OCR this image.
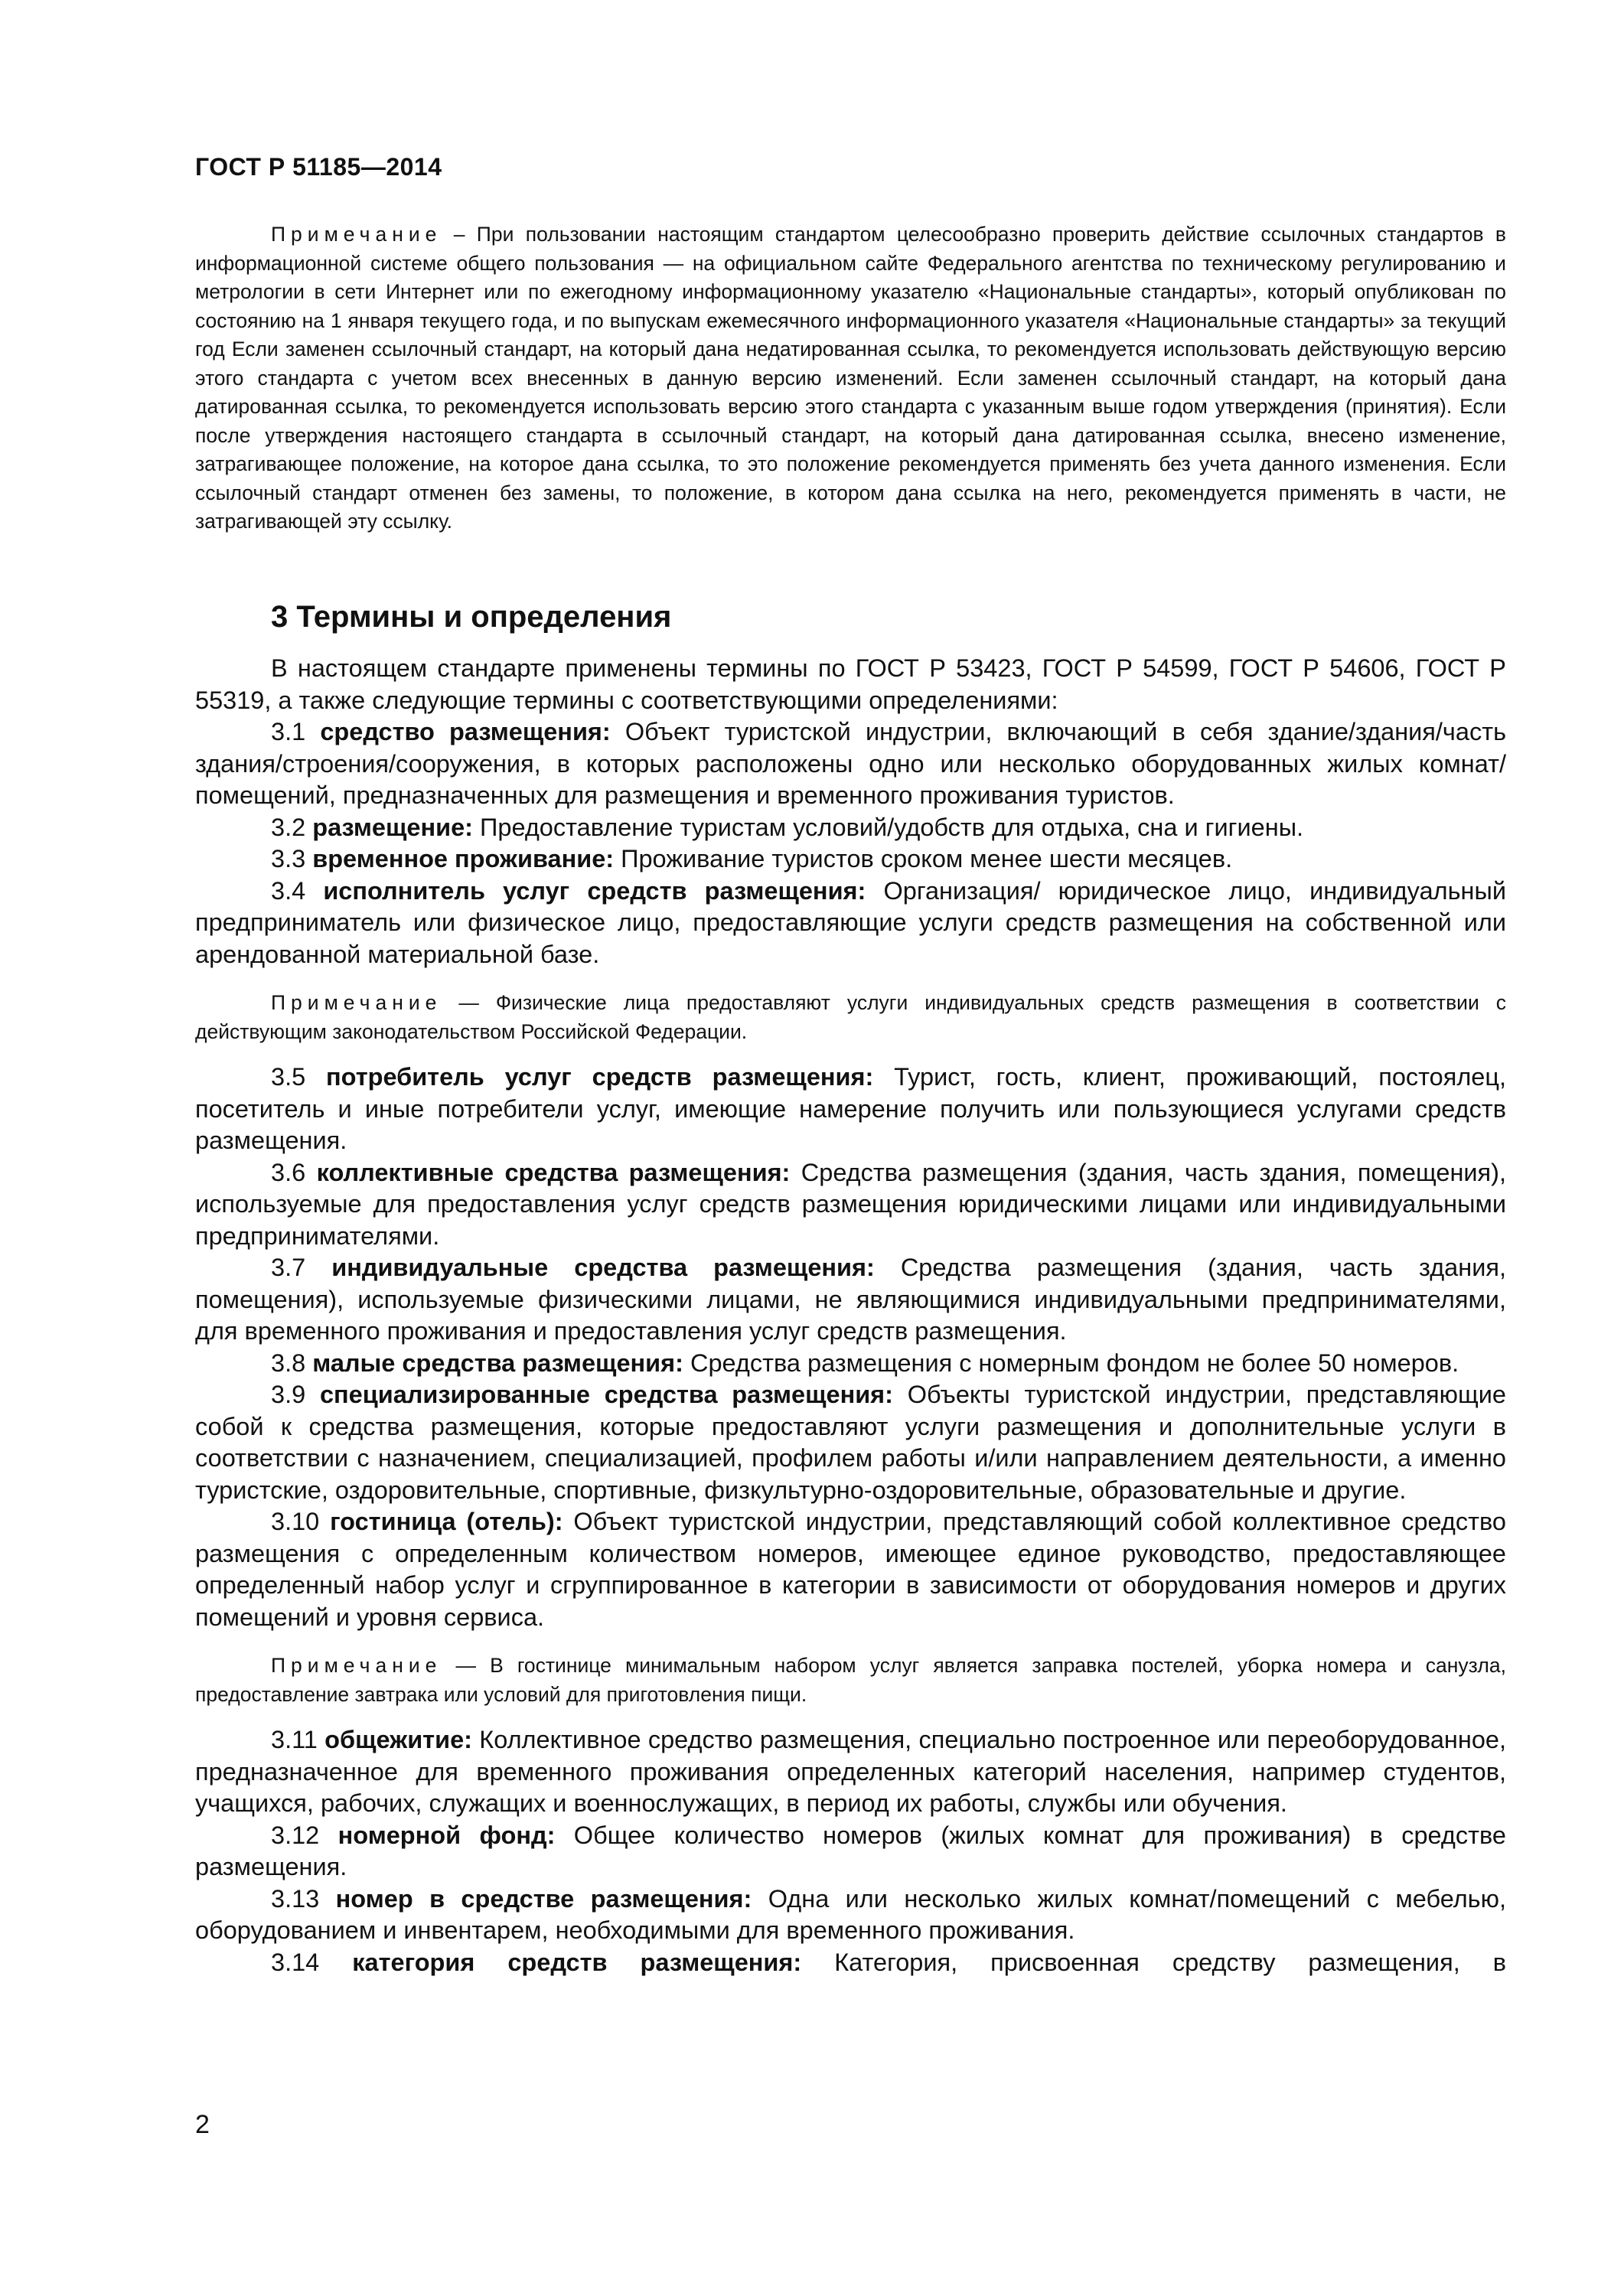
ГОСТ Р 51185—2014

Примечание – При пользовании настоящим стандартом целесообразно проверить действие ссылочных стандартов в информационной системе общего пользования — на официальном сайте Федерального агентства по техническому регулированию и метрологии в сети Интернет или по ежегодному информационному указателю «Национальные стандарты», который опубликован по состоянию на 1 января текущего года, и по выпускам ежемесячного информационного указателя «Национальные стандарты» за текущий год Если заменен ссылочный стандарт, на который дана недатированная ссылка, то рекомендуется использовать действующую версию этого стандарта с учетом всех внесенных в данную версию изменений. Если заменен ссылочный стандарт, на который дана датированная ссылка, то рекомендуется использовать версию этого стандарта с указанным выше годом утверждения (принятия). Если после утверждения настоящего стандарта в ссылочный стандарт, на который дана датированная ссылка, внесено изменение, затрагивающее положение, на которое дана ссылка, то это положение рекомендуется применять без учета данного изменения. Если ссылочный стандарт отменен без замены, то положение, в котором дана ссылка на него, рекомендуется применять в части, не затрагивающей эту ссылку.

3 Термины и определения

В настоящем стандарте применены термины по ГОСТ Р 53423, ГОСТ Р 54599, ГОСТ Р 54606, ГОСТ Р 55319, а также следующие термины с соответствующими определениями:

3.1 средство размещения: Объект туристской индустрии, включающий в себя здание/здания/часть здания/строения/сооружения, в которых расположены одно или несколько оборудованных жилых комнат/помещений, предназначенных для размещения и временного проживания туристов.

3.2 размещение: Предоставление туристам условий/удобств для отдыха, сна и гигиены.

3.3 временное проживание: Проживание туристов сроком менее шести месяцев.

3.4 исполнитель услуг средств размещения: Организация/ юридическое лицо, индивидуальный предприниматель или физическое лицо, предоставляющие услуги средств размещения на собственной или арендованной материальной базе.

Примечание — Физические лица предоставляют услуги индивидуальных средств размещения в соответствии с действующим законодательством Российской Федерации.

3.5 потребитель услуг средств размещения: Турист, гость, клиент, проживающий, постоялец, посетитель и иные потребители услуг, имеющие намерение получить или пользующиеся услугами средств размещения.

3.6 коллективные средства размещения: Средства размещения (здания, часть здания, помещения), используемые для предоставления услуг средств размещения юридическими лицами или индивидуальными предпринимателями.

3.7 индивидуальные средства размещения: Средства размещения (здания, часть здания, помещения), используемые физическими лицами, не являющимися индивидуальными предпринимателями, для временного проживания и предоставления услуг средств размещения.

3.8 малые средства размещения: Средства размещения с номерным фондом не более 50 номеров.

3.9 специализированные средства размещения: Объекты туристской индустрии, представляющие собой к средства размещения, которые предоставляют услуги размещения и дополнительные услуги в соответствии с назначением, специализацией, профилем работы и/или направлением деятельности, а именно туристские, оздоровительные, спортивные, физкультурно-оздоровительные, образовательные и другие.

3.10 гостиница (отель): Объект туристской индустрии, представляющий собой коллективное средство размещения с определенным количеством номеров, имеющее единое руководство, предоставляющее определенный набор услуг и сгруппированное в категории в зависимости от оборудования номеров и других помещений и уровня сервиса.

Примечание — В гостинице минимальным набором услуг является заправка постелей, уборка номера и санузла, предоставление завтрака или условий для приготовления пищи.

3.11 общежитие: Коллективное средство размещения, специально построенное или переоборудованное, предназначенное для временного проживания определенных категорий населения, например студентов, учащихся, рабочих, служащих и военнослужащих, в период их работы, службы или обучения.

3.12 номерной фонд: Общее количество номеров (жилых комнат для проживания) в средстве размещения.

3.13 номер в средстве размещения: Одна или несколько жилых комнат/помещений с мебелью, оборудованием и инвентарем, необходимыми для временного проживания.

3.14 категория средств размещения: Категория, присвоенная средству размещения, в

2
